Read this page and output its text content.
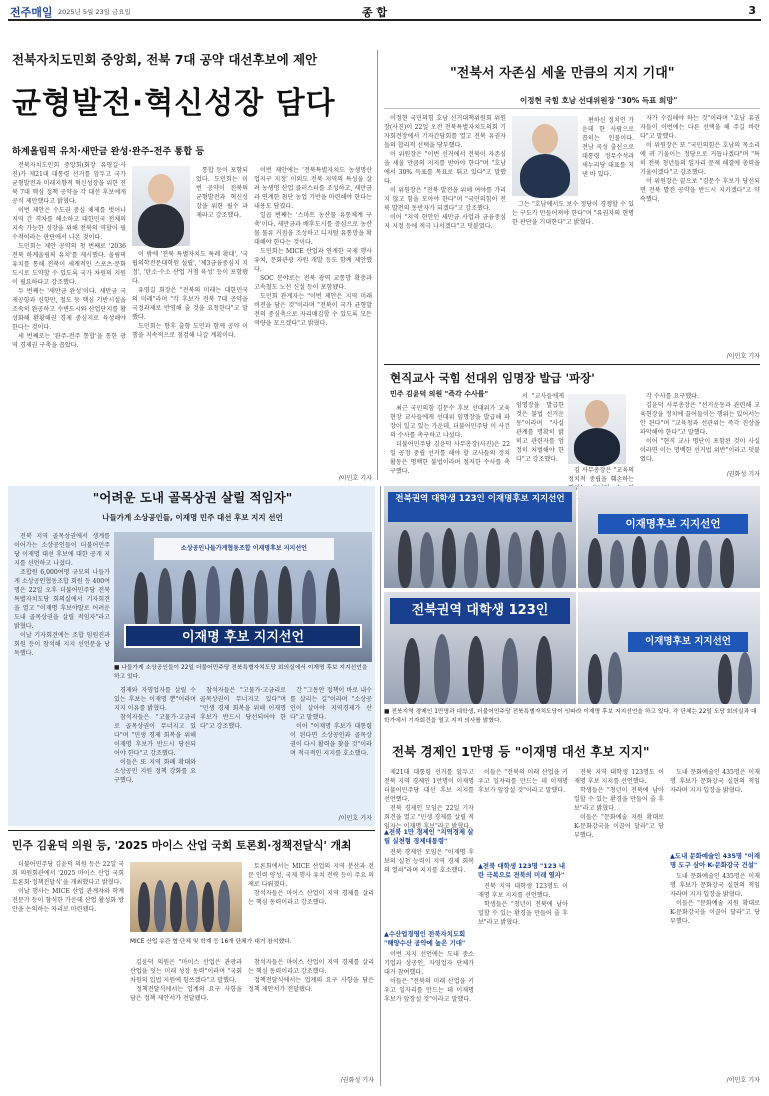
전주매일 2025년 5월 23일 금요일	종 합	3
전북자치도민회 중앙회, 전북 7대 공약 대선후보에 제안
균형발전·혁신성장 담다
하계올림픽 유치·새만금 완성·완주-전주 통합 등

전북자치도민회 중앙회(회장 유영길·사진)가 제21대 대통령 선거를 앞두고 국가 균형발전과 미래지향적 혁신성장을 위한 전북 7대 핵심 정책 공약을 각 대선 후보에게 공식 제안했다고 밝혔다.

이번 제안은 수도권 중심 체제를 벗어나 지역 간 격차를 해소하고 대한민국 전체의 지속 가능한 성장을 위해 전북의 역할이 필수적이라는 판단에서 나온 것이다.

도민회는 제안 공약의 첫 번째로 '2036 전북 하계올림픽 유치'를 제시했다. 올림픽 유치를 통해 전북이 세계적인 스포츠·문화 도시로 도약할 수 있도록 국가 차원의 지원이 필요하다고 강조했다.

두 번째는 '새만금 완성'이다. 새만금 국제공항과 신항만, 철도 등 핵심 기반시설을 조속히 완공하고 수변도시와 산업단지를 활성화해 환황해권 경제 중심지로 육성해야 한다는 것이다.

세 번째로는 '완주-전주 통합'을 통한 광역 경제권 구축을 꼽았다.

통합 등이 포함되었다. 도민회는 이번 공약이 전북의 균형발전과 혁신성장을 위한 필수 과제라고 강조했다.

이 밖에 '전북 특별자치도 특례 확대', '국립의학전문대학원 설립', '제3금융중심지 지정', '탄소·수소 산업 거점 육성' 등이 포함됐다.

유영길 회장은 "전북의 미래는 대한민국의 미래"라며 "각 후보가 전북 7대 공약을 국정과제로 반영해 줄 것을 요청한다"고 말했다.

도민회는 향후 출향 도민과 함께 공약 이행을 지속적으로 점검해 나갈 계획이다.

이번 제안에는 '전북특별자치도 농생명산업지구 지정' 이외도 전북 지역의 특성을 살려 농생명 산업 클러스터를 조성하고, 새만금과 연계한 첨단 농업 기반을 마련해야 한다는 내용도 담겼다.

일곱 번째는 '스마트 농산물 유통체계 구축'이다. 새만금과 배후도시를 중심으로 농산물 물류 거점을 조성하고 디지털 유통망을 확대해야 한다는 것이다.

도민회는 MICE 산업과 연계한 국제 행사 유치, 문화관광 자원 개발 등도 함께 제안했다.

SOC 분야로는 전북 광역 교통망 확충과 고속철도 노선 신설 등이 포함됐다.

도민회 관계자는 "이번 제안은 지역 미래 비전을 담은 것"이라며 "전북이 국가 균형발전의 중심축으로 자리매김할 수 있도록 모든 역량을 모으겠다"고 밝혔다.

/이민호 기자
"전북서 자존심 세울 만큼의 지지 기대"
이정현 국힘 호남 선대위원장 "30% 득표 희망"

이정현 국민의힘 호남 선거대책위원회 위원장(사진)이 22일 오전 전북특별자치도의회 기자회견장에서 기자간담회를 열고 전북 유권자들의 합리적 선택을 당부했다.

이 위원장은 "이번 선거에서 전북이 자존심을 세울 만큼의 지지를 받아야 한다"며 "호남에서 30% 득표를 목표로 뛰고 있다"고 말했다.

이 위원장은 "전북 발전을 위해 여야를 가리지 않고 힘을 모아야 한다"며 "국민의힘이 전북 발전의 동반자가 되겠다"고 강조했다.

이어 "지역 현안인 새만금 사업과 금융중심지 지정 등에 적극 나서겠다"고 덧붙였다.

편하신 정치인 가운데 한 사람으로 꼽히는 인물이다. 전남 곡성 출신으로 대통령 정무수석과 새누리당 대표를 지낸 바 있다.

그는 "호남에서도 보수 정당이 경쟁할 수 있는 구도가 만들어져야 한다"며 "유권자의 현명한 판단을 기대한다"고 밝혔다.

자가 수집해야 하는 것"이라며 "호남 유권자들이 이번에는 다른 선택을 해 주길 바란다"고 말했다.

이 위원장은 또 "국민의힘은 호남의 목소리에 귀 기울이는 정당으로 거듭나겠다"며 "특히 전북 청년들의 일자리 문제 해결에 총력을 기울이겠다"고 강조했다.

이 위원장은 끝으로 "김문수 후보가 당선되면 전북 발전 공약을 반드시 지키겠다"고 약속했다.

/이민호 기자
현직교사 국힘 선대위 임명장 발급 '파장'
민주 김윤덕 의원 "즉각 수사를"

최근 국민의힘 김문수 후보 선대위가 교육현장 교사들에게 선대위 임명장을 발급해 파장이 일고 있는 가운데, 더불어민주당 이 사건의 수사를 촉구하고 나섰다.

더불어민주당 김윤덕 사무총장(사진)은 22일 공정 중립 선거를 해야 할 교사들의 정치 활동은 명백한 불법이라며 철저한 수사를 촉구했다.

서 "교사들에게 임명장을 발급한 것은 불법 선거운동"이라며 "사실관계를 명확히 밝히고 관련자를 엄정히 처벌해야 한다"고 강조했다.

김 사무총장은 "교육의 정치적 중립을 훼손하는 행위는

각 수사를 요구했다.

김윤덕 사무총장은 "선거운동과 관련해 교육현장을 정치에 끌어들이는 행위는 있어서는 안 된다"며 "교육청과 선관위는 즉각 진상을 파악해야 한다"고 말했다.

이어 "현직 교사 명단이 포함된 것이 사실이라면 이는 명백한 선거법 위반"이라고 덧붙였다.

/권화성 기자
"어려운 도내 골목상권 살릴 적임자"
나들가게 소상공인들, 이재명 민주 대선 후보 지지 선언

전북 지역 골목상권에서 생계를 이어가는 소상공인들이 더불어민주당 이재명 대선 후보에 대한 공개 지지를 선언하고 나섰다.

조합원 6,000여명 규모의 나들가게 소상공인협동조합 회원 등 400여명은 22일 오후 더불어민주당 전북특별자치도당 회의실에서 기자회견을 열고 "이재명 후보야말로 어려운 도내 골목상권을 살릴 적임자"라고 밝혔다.

이날 기자회견에는 조합 임원진과 회원 등이 참석해 지지 선언문을 낭독했다.

소상공인나들가게협동조합 이재명후보 지지선언
이재명 후보 지지선언
■ 나들가게 소상공인들이 22일 더불어민주당 전북특별자치도당 회의실에서 이재명 후보 지지선언을 하고 있다.

경제와 자영업자를 살릴 수 있는 후보는 이재명 뿐"이라며 지지 이유를 밝혔다.

참석자들은 "고물가·고금리로 골목상권이 무너지고 있다"며 "민생 경제 회복을 위해 이재명 후보가 반드시 당선되어야 한다"고 강조했다.

이들은 또 지역 화폐 확대와 소상공인 지원 정책 강화를 요구했다.

참석자들은 "고물가·고금리로 골목상권이 무너지고 있다"며 "민생 경제 회복을 위해 이재명 후보가 반드시 당선되어야 한다"고 강조했다.

간 "그동안 정책이 바로 내수를 살리는 길"이라며 "소상공인이 살아야 지역경제가 산다"고 말했다.

이어 "이재명 후보가 대통령이 된다면 소상공인과 골목상권이 다시 활력을 찾을 것"이라며 적극적인 지지를 호소했다.

/이민호 기자
전북권역 대학생 123인 이재명후보 지지선언
이재명후보 지지선언
전북권역 대학생 123인
이재명후보 지지선언
■ 전북지역 경제인 1만명과 대학생, 더불어민주당 전북특별자치도당이 잇따라 이재명 후보 지지선언을 하고 있다. 각 단체는 22일 도당 회의실과 대학가에서 기자회견을 열고 지지 의사를 밝혔다.
전북 경제인 1만명 등 "이재명 대선 후보 지지"

제21대 대통령 선거를 앞두고 전북 지역 경제인 1만명이 이재명 더불어민주당 대선 후보 지지를 선언했다.

전북 경제인 모임은 22일 기자회견을 열고 "민생 경제를 살릴 적임자는 이재명 후보"라고 밝혔다.

▲전북 1만 경제인 "지역경제 살릴 실천형 경제대통령"

전북 경제인 모임은 "이재명 후보의 실천 능력이 지역 경제 회복의 열쇠"라며 지지를 호소했다.

▲수산업경영인 전북자치도회 "해양수산 공약에 높은 기대"

이번 지지 선언에는 도내 중소기업과 상공인, 자영업자 단체가 대거 참여했다.

이들은 "전북의 미래 산업을 키우고 일자리를 만드는 데 이재명 후보가 앞장설 것"이라고 말했다.

이들은 "전북의 미래 산업을 키우고 일자리를 만드는 데 이재명 후보가 앞장설 것"이라고 말했다.

▲전북 대학생 123명 "123 내란 극복으로 전북의 미래 열자"

전북 지역 대학생 123명도 이재명 후보 지지를 선언했다.

학생들은 "청년이 전북에 남아 일할 수 있는 환경을 만들어 줄 후보"라고 밝혔다.

전북 지역 대학생 123명도 이재명 후보 지지를 선언했다.

학생들은 "청년이 전북에 남아 일할 수 있는 환경을 만들어 줄 후보"라고 밝혔다.

이들은 "문화예술 지원 확대로 K-문화강국을 이끌어 달라"고 당부했다.

도내 문화예술인 435명은 이재명 후보가 문화강국 실현의 적임자라며 지지 입장을 밝혔다.

▲도내 문화예술인 435명 "이재명 도구 삼아 K-문화강국 건설"

도내 문화예술인 435명은 이재명 후보가 문화강국 실현의 적임자라며 지지 입장을 밝혔다.

이들은 "문화예술 지원 확대로 K-문화강국을 이끌어 달라"고 당부했다.

/이민호 기자
민주 김윤덕 의원 등, '2025 마이스 산업 국회 토론회·정책전달식' 개최

더불어민주당 김윤덕 의원 등은 22일 국회 의원회관에서 '2025 마이스 산업 국회 토론회·정책전달식'을 개최했다고 밝혔다.

이날 행사는 MICE 산업 관계자와 학계 전문가 등이 참석한 가운데 산업 활성화 방안을 논의하는 자리로 마련됐다.

토론회에서는 MICE 산업의 지역 분산과 전문 인력 양성, 국제 행사 유치 전략 등이 주요 의제로 다뤄졌다.

참석자들은 마이스 산업이 지역 경제를 살리는 핵심 동력이라고 강조했다.

MICE 산업 유관 협·단체 및 학계 등 16개 단체가 대거 참석했다.

김윤덕 의원은 "마이스 산업은 관광과 산업을 잇는 미래 성장 동력"이라며 "국회 차원의 입법 지원에 힘쓰겠다"고 말했다.

정책전달식에서는 업계의 요구 사항을 담은 정책 제안서가 전달됐다.

참석자들은 마이스 산업이 지역 경제를 살리는 핵심 동력이라고 강조했다.

정책전달식에서는 업계의 요구 사항을 담은 정책 제안서가 전달됐다.

/권화성 기자
